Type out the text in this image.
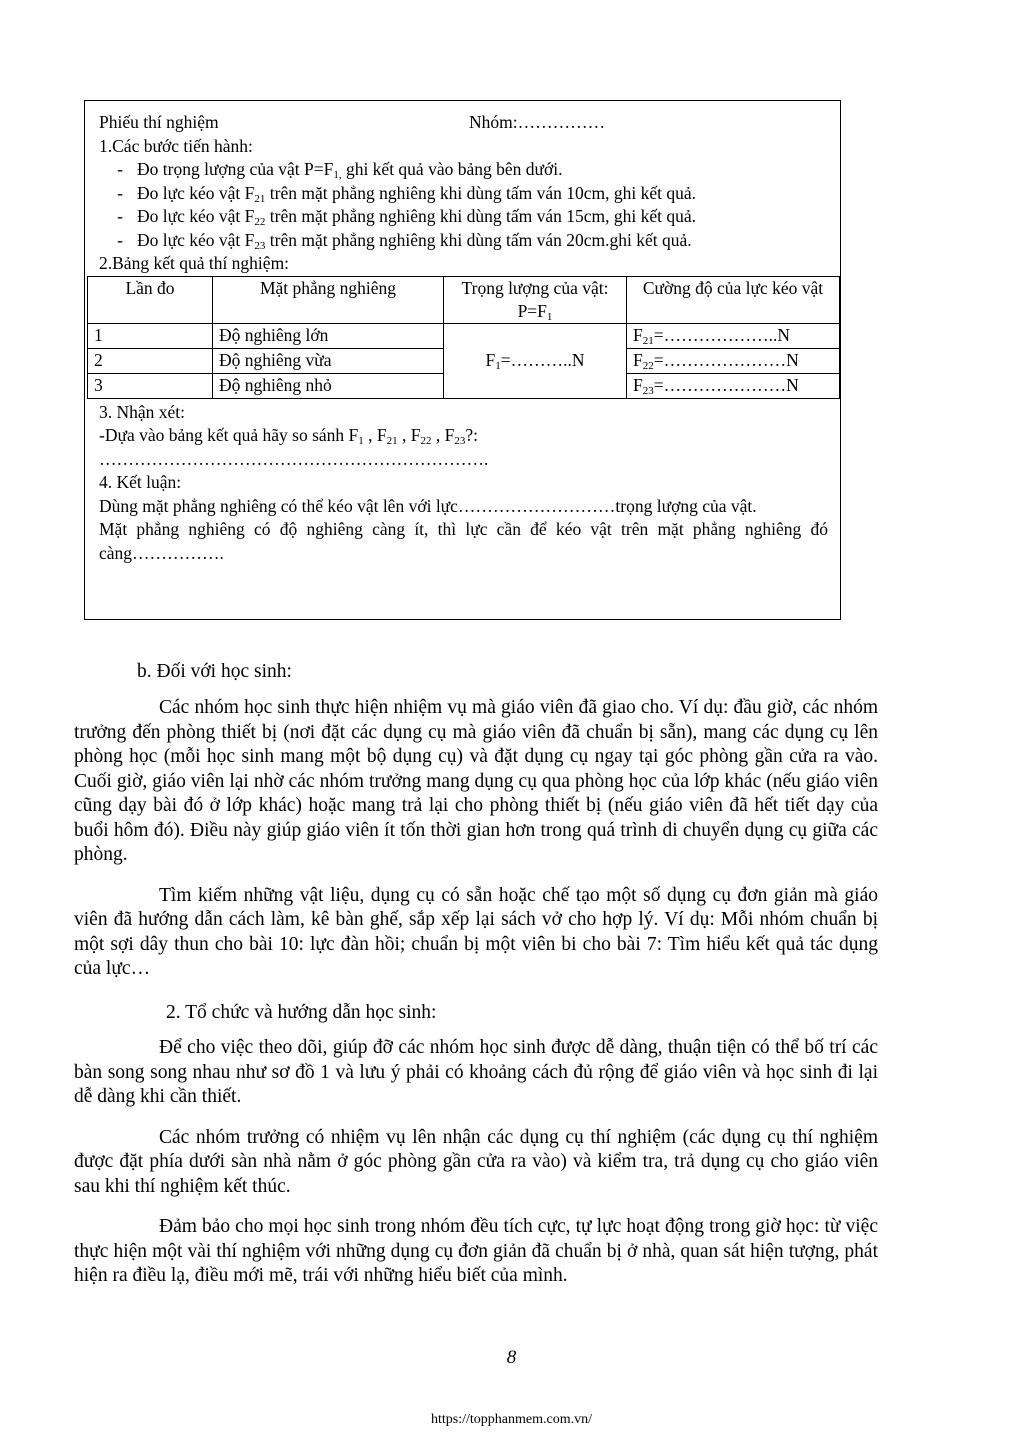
Phiếu thí nghiệm	Nhóm:……………
1.Các bước tiến hành:
- Đo trọng lượng của vật $P=F_{1,}$ ghi kết quả vào bảng bên dưới.
- Đo lực kéo vật $F_{21}$ trên mặt phẳng nghiêng khi dùng tấm ván 10cm, ghi kết quả.
- Đo lực kéo vật $F_{22}$ trên mặt phẳng nghiêng khi dùng tấm ván 15cm, ghi kết quả.
- Đo lực kéo vật $F_{23}$ trên mặt phẳng nghiêng khi dùng tấm ván 20cm.ghi kết quả.
2.Bảng kết quả thí nghiệm:
Lần đo	Mặt phẳng nghiêng	Trọng lượng của vật: $P=F_1$	Cường độ của lực kéo vật
1	Độ nghiêng lớn	$F_1=\dots\dots\dots..N$	$F_{21}=\dots\dots\dots\dots\dots\dots..N$
2	Độ nghiêng vừa		$F_{22}=\dots\dots\dots\dots\dots\dots\dots N$
3	Độ nghiêng nhỏ		$F_{23}=\dots\dots\dots\dots\dots\dots\dots N$
3. Nhận xét:
-Dựa vào bảng kết quả hãy so sánh $F_1$ , $F_{21}$ , $F_{22}$ , $F_{23}$?:
………………………………………………………….
4. Kết luận:
Dùng mặt phẳng nghiêng có thể kéo vật lên với lực………………………trọng lượng của vật.
Mặt phẳng nghiêng có độ nghiêng càng ít, thì lực cần để kéo vật trên mặt phẳng nghiêng đó càng…………….
b. Đối với học sinh:

Các nhóm học sinh thực hiện nhiệm vụ mà giáo viên đã giao cho. Ví dụ: đầu giờ, các nhóm trưởng đến phòng thiết bị (nơi đặt các dụng cụ mà giáo viên đã chuẩn bị sẵn), mang các dụng cụ lên phòng học (mỗi học sinh mang một bộ dụng cụ) và đặt dụng cụ ngay tại góc phòng gần cửa ra vào. Cuối giờ, giáo viên lại nhờ các nhóm trưởng mang dụng cụ qua phòng học của lớp khác (nếu giáo viên cũng dạy bài đó ở lớp khác) hoặc mang trả lại cho phòng thiết bị (nếu giáo viên đã hết tiết dạy của buổi hôm đó). Điều này giúp giáo viên ít tốn thời gian hơn trong quá trình di chuyển dụng cụ giữa các phòng.

Tìm kiếm những vật liệu, dụng cụ có sẵn hoặc chế tạo một số dụng cụ đơn giản mà giáo viên đã hướng dẫn cách làm, kê bàn ghế, sắp xếp lại sách vở cho hợp lý. Ví dụ: Mỗi nhóm chuẩn bị một sợi dây thun cho bài 10: lực đàn hồi; chuẩn bị một viên bi cho bài 7: Tìm hiểu kết quả tác dụng của lực…

2. Tổ chức và hướng dẫn học sinh:

Để cho việc theo dõi, giúp đỡ các nhóm học sinh được dễ dàng, thuận tiện có thể bố trí các bàn song song nhau như sơ đồ 1 và lưu ý phải có khoảng cách đủ rộng để giáo viên và học sinh đi lại dễ dàng khi cần thiết.

Các nhóm trưởng có nhiệm vụ lên nhận các dụng cụ thí nghiệm (các dụng cụ thí nghiệm được đặt phía dưới sàn nhà nằm ở góc phòng gần cửa ra vào) và kiểm tra, trả dụng cụ cho giáo viên sau khi thí nghiệm kết thúc.

Đảm bảo cho mọi học sinh trong nhóm đều tích cực, tự lực hoạt động trong giờ học: từ việc thực hiện một vài thí nghiệm với những dụng cụ đơn giản đã chuẩn bị ở nhà, quan sát hiện tượng, phát hiện ra điều lạ, điều mới mẽ, trái với những hiểu biết của mình.

8
https://topphanmem.com.vn/
